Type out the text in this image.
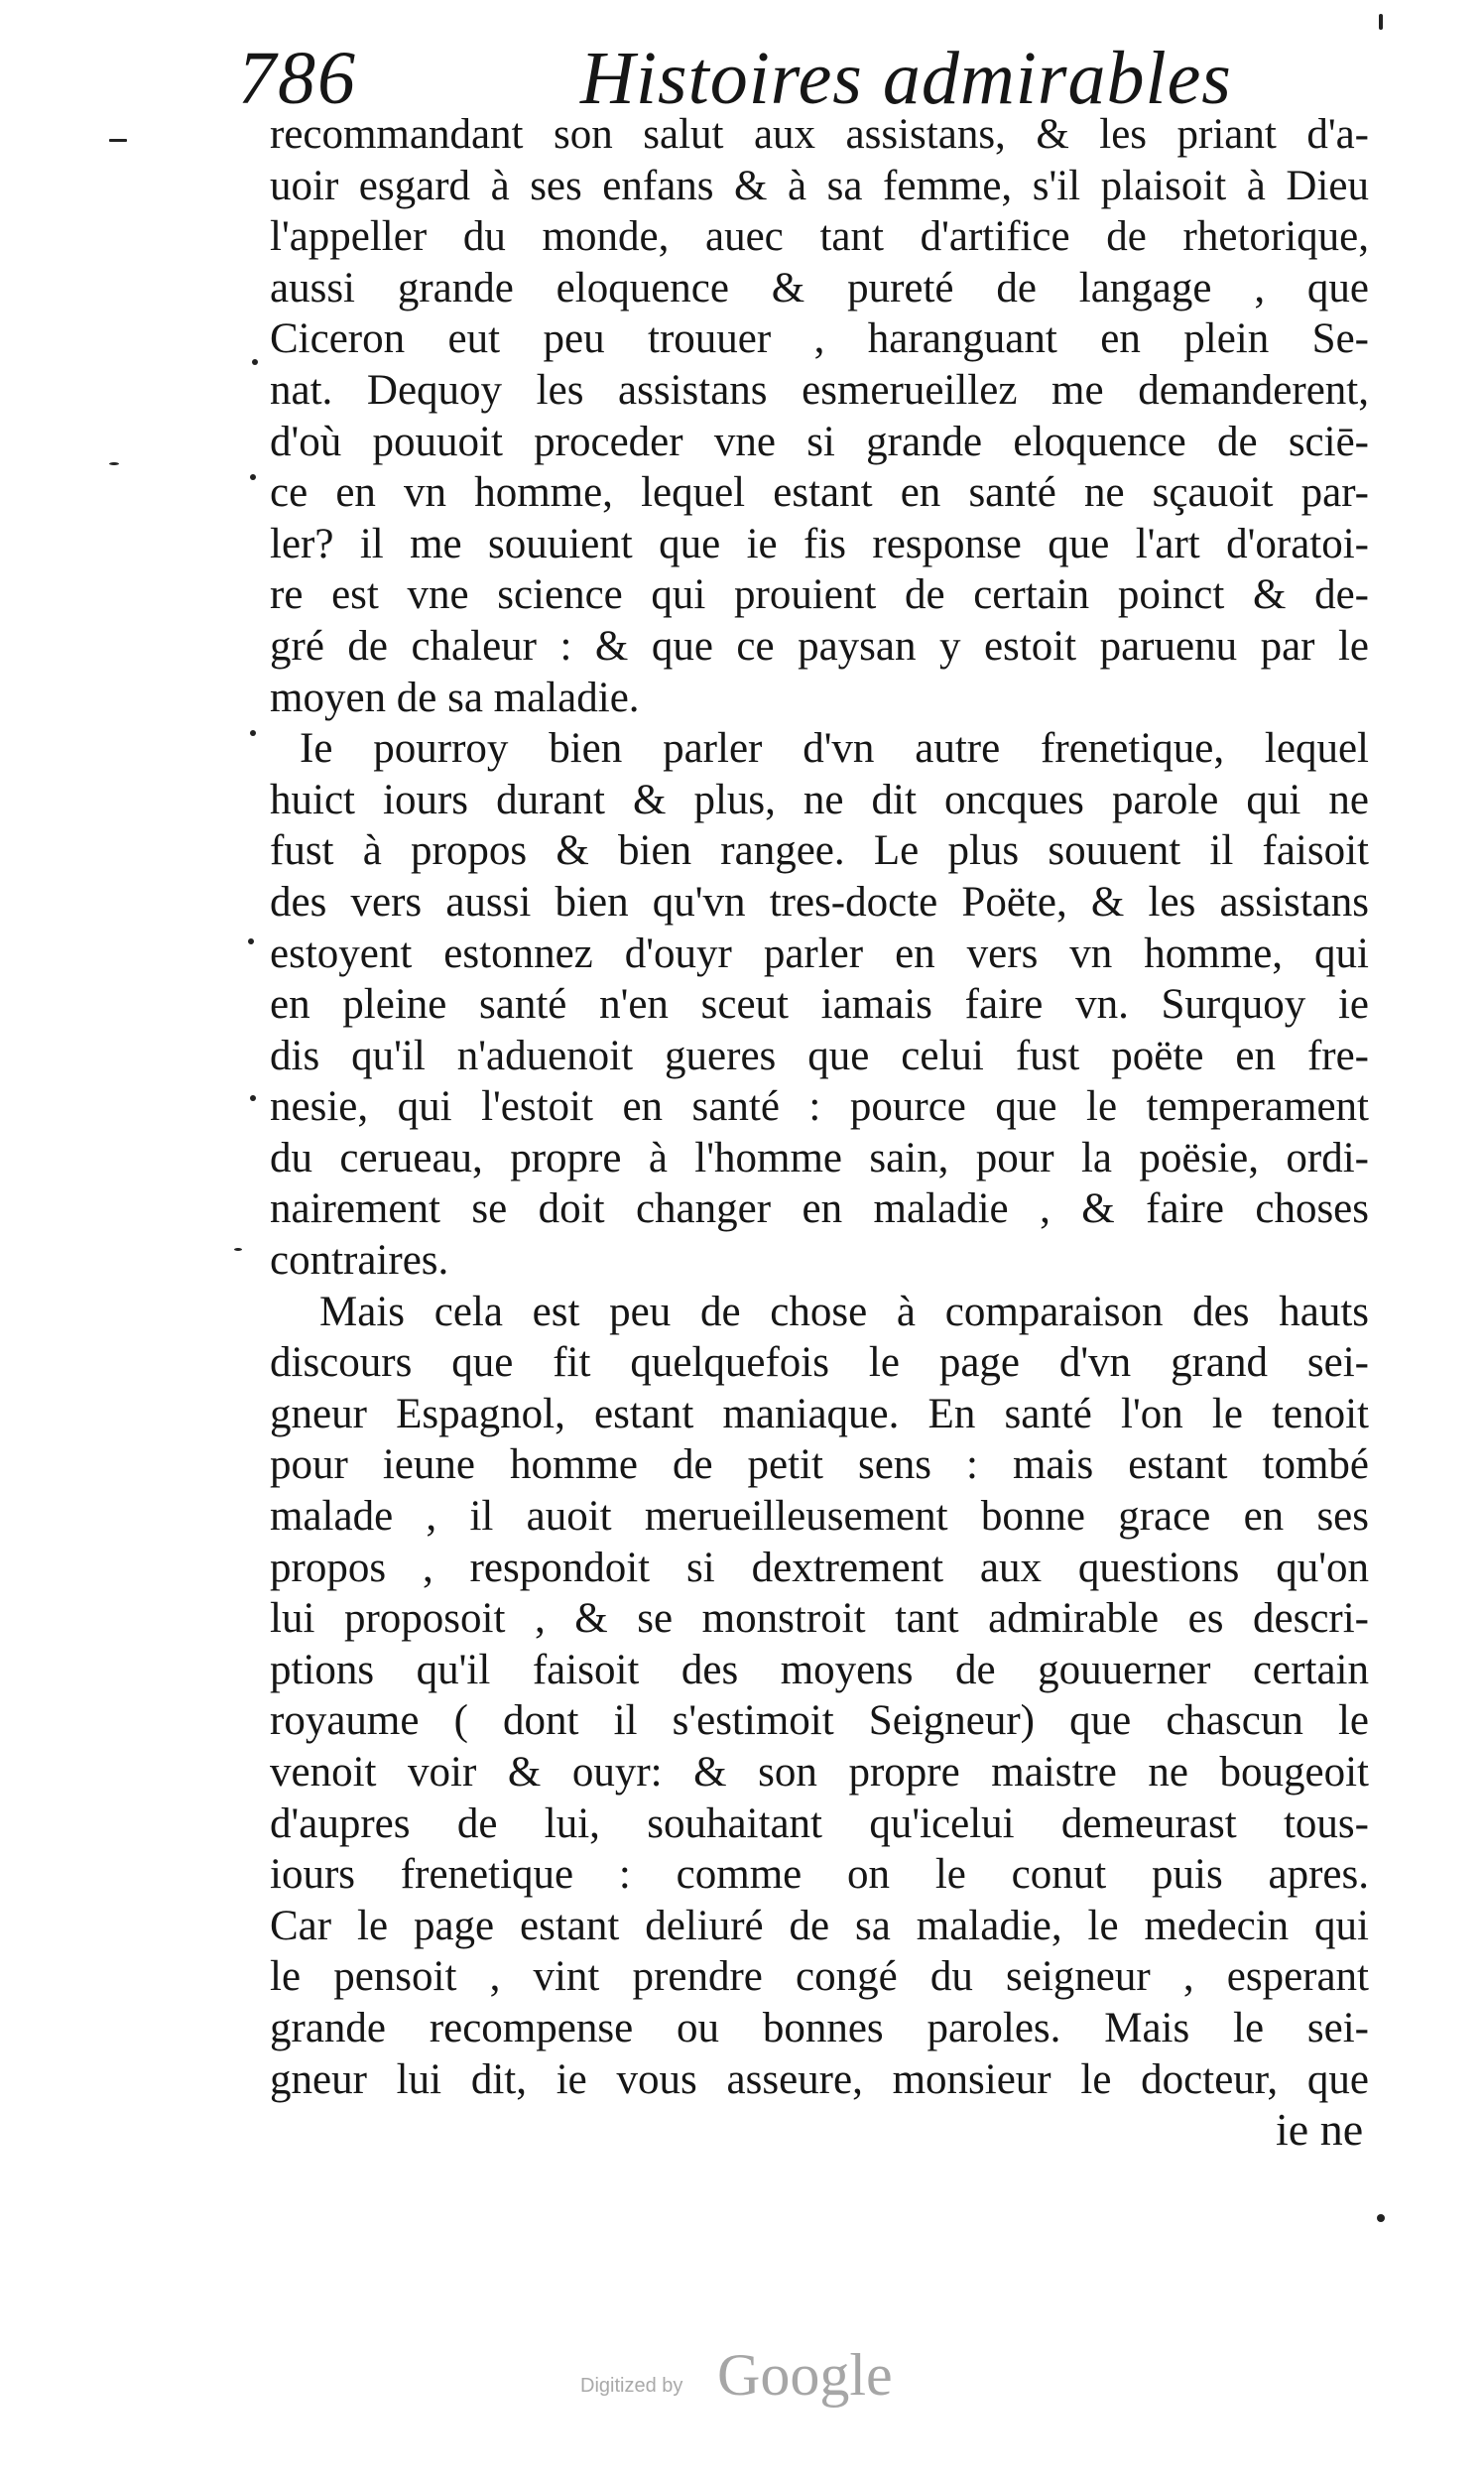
786	Histoires admirables
recommandant son salut aux assistans, & les priant d'a-
uoir esgard à ses enfans & à sa femme, s'il plaisoit à Dieu
l'appeller du monde, auec tant d'artifice de rhetorique,
aussi grande eloquence & pureté de langage , que
Ciceron eut peu trouuer , haranguant en plein Se-
nat. Dequoy les assistans esmerueillez me demanderent,
d'où pouuoit proceder vne si grande eloquence de sciē-
ce en vn homme, lequel estant en santé ne sçauoit par-
ler? il me souuient que ie fis response que l'art d'oratoi-
re est vne science qui prouient de certain poinct & de-
gré de chaleur : & que ce paysan y estoit paruenu par le
moyen de sa maladie.
Ie pourroy bien parler d'vn autre frenetique, lequel
huict iours durant & plus, ne dit oncques parole qui ne
fust à propos & bien rangee. Le plus souuent il faisoit
des vers aussi bien qu'vn tres-docte Poëte, & les assistans
estoyent estonnez d'ouyr parler en vers vn homme, qui
en pleine santé n'en sceut iamais faire vn. Surquoy ie
dis qu'il n'aduenoit gueres que celui fust poëte en fre-
nesie, qui l'estoit en santé : pource que le temperament
du cerueau, propre à l'homme sain, pour la poësie, ordi-
nairement se doit changer en maladie , & faire choses
contraires.
Mais cela est peu de chose à comparaison des hauts
discours que fit quelquefois le page d'vn grand sei-
gneur Espagnol, estant maniaque. En santé l'on le tenoit
pour ieune homme de petit sens : mais estant tombé
malade , il auoit merueilleusement bonne grace en ses
propos , respondoit si dextrement aux questions qu'on
lui proposoit , & se monstroit tant admirable es descri-
ptions qu'il faisoit des moyens de gouuerner certain
royaume ( dont il s'estimoit Seigneur) que chascun le
venoit voir & ouyr: & son propre maistre ne bougeoit
d'aupres de lui, souhaitant qu'icelui demeurast tous-
iours frenetique : comme on le conut puis apres.
Car le page estant deliuré de sa maladie, le medecin qui
le pensoit , vint prendre congé du seigneur , esperant
grande recompense ou bonnes paroles. Mais le sei-
gneur lui dit, ie vous asseure, monsieur le docteur, que
ie ne
Digitized by Google
